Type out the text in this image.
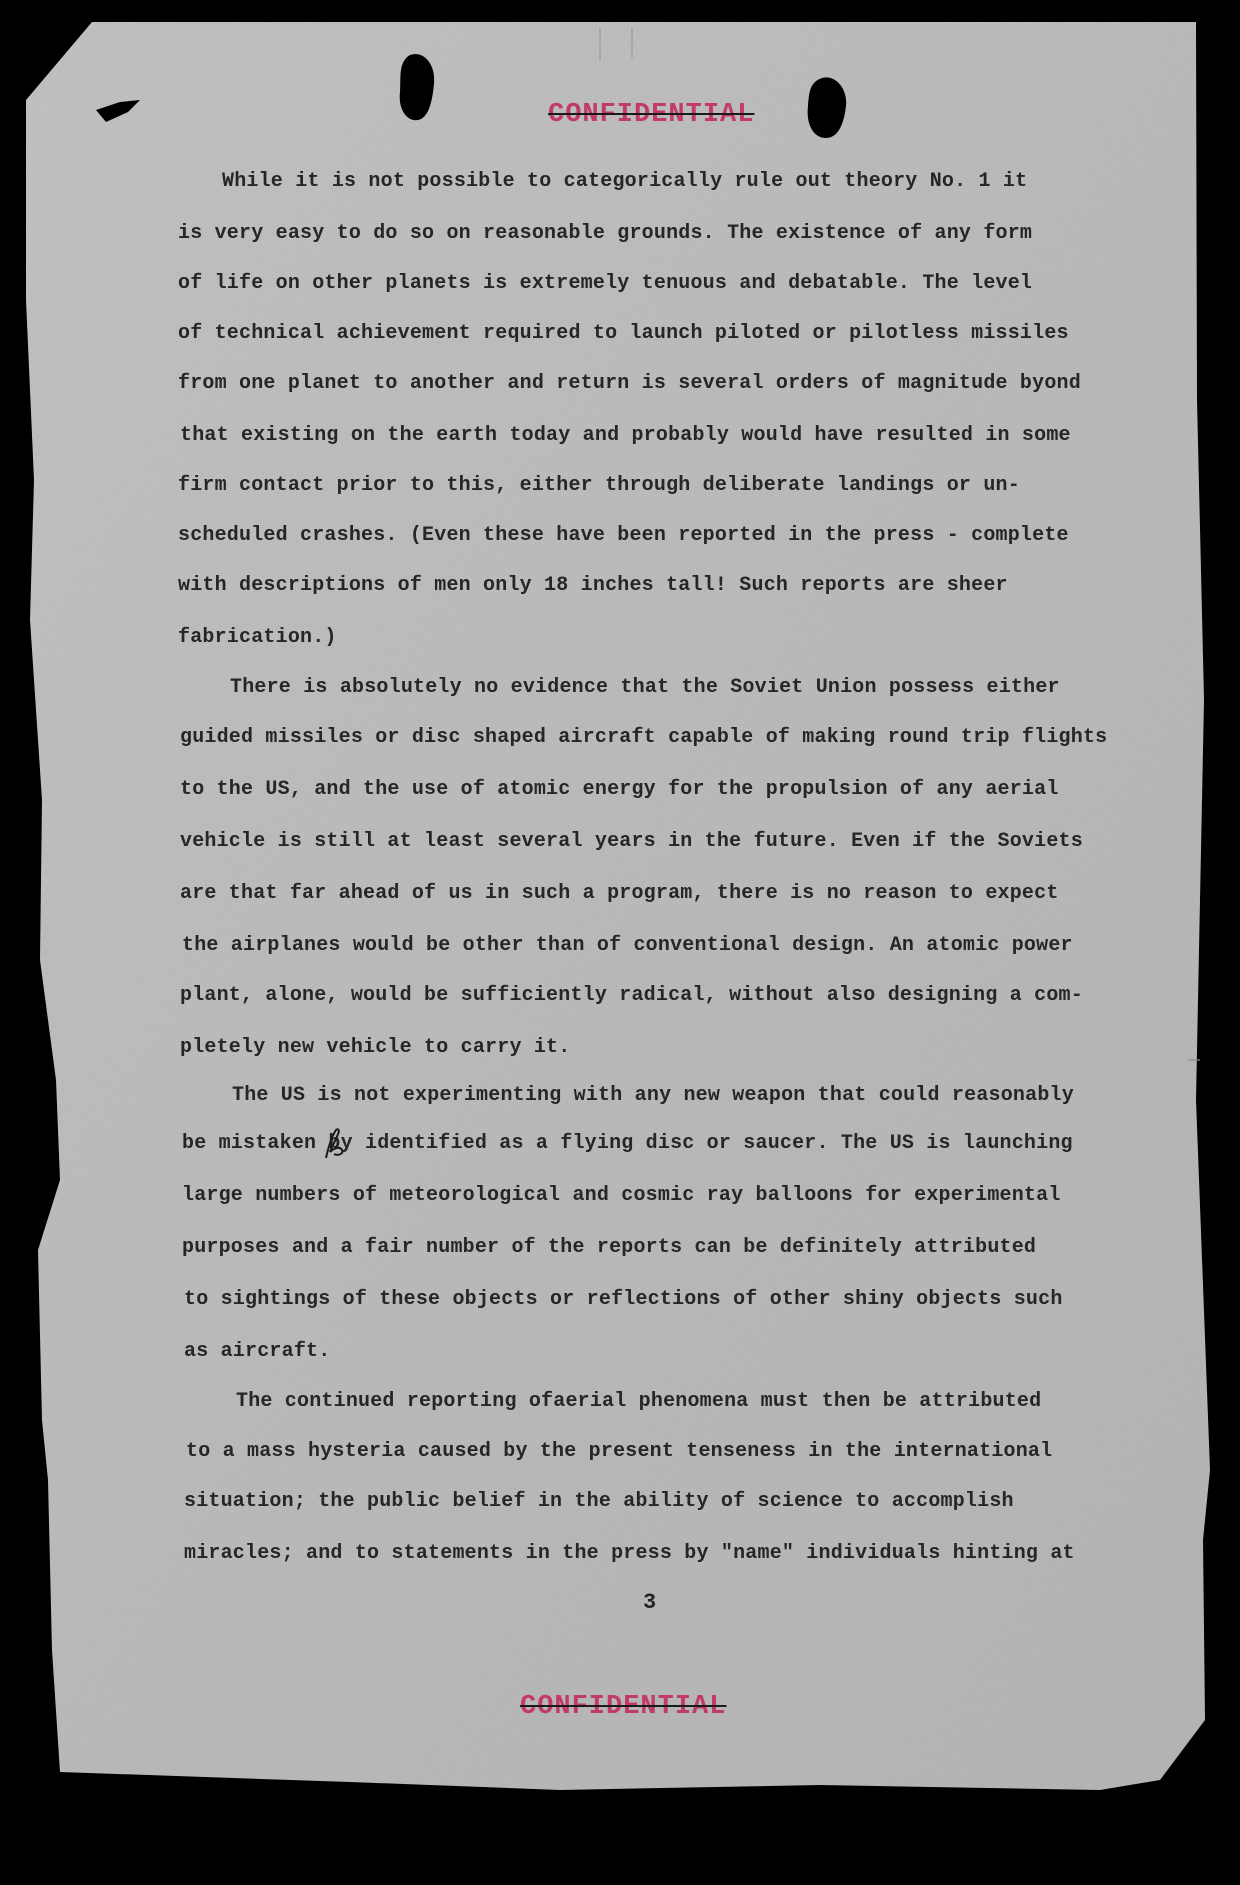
CONFIDENTIAL
While it is not possible to categorically rule out theory No. 1 it
is very easy to do so on reasonable grounds. The existence of any form
of life on other planets is extremely tenuous and debatable. The level
of technical achievement required to launch piloted or pilotless missiles
from one planet to another and return is several orders of magnitude byond
that existing on the earth today and probably would have resulted in some
firm contact prior to this, either through deliberate landings or un-
scheduled crashes. (Even these have been reported in the press - complete
with descriptions of men only 18 inches tall! Such reports are sheer
fabrication.)
There is absolutely no evidence that the Soviet Union possess either
guided missiles or disc shaped aircraft capable of making round trip flights
to the US, and the use of atomic energy for the propulsion of any aerial
vehicle is still at least several years in the future. Even if the Soviets
are that far ahead of us in such a program, there is no reason to expect
the airplanes would be other than of conventional design. An atomic power
plant, alone, would be sufficiently radical, without also designing a com-
pletely new vehicle to carry it.
The US is not experimenting with any new weapon that could reasonably
be mistaken by identified as a flying disc or saucer. The US is launching
large numbers of meteorological and cosmic ray balloons for experimental
purposes and a fair number of the reports can be definitely attributed
to sightings of these objects or reflections of other shiny objects such
as aircraft.
The continued reporting ofaerial phenomena must then be attributed
to a mass hysteria caused by the present tenseness in the international
situation; the public belief in the ability of science to accomplish
miracles; and to statements in the press by "name" individuals hinting at
3
CONFIDENTIAL
